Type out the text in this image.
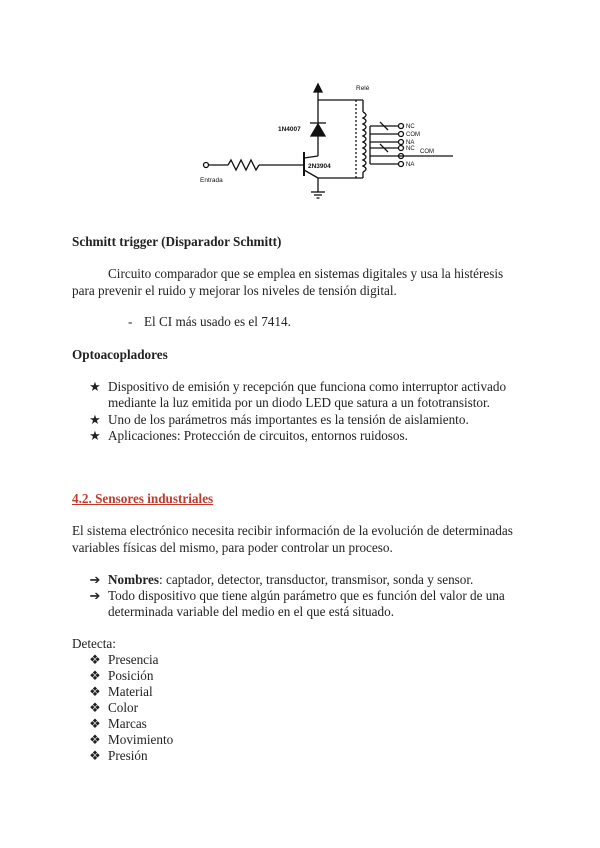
Relé
1N4007
2N3904
Entrada
NC
COM
NA
NC
NA
COM
Schmitt trigger (Disparador Schmitt)
Circuito comparador que se emplea en sistemas digitales y usa la histéresis
para prevenir el ruido y mejorar los niveles de tensión digital.
- El CI más usado es el 7414.
Optoacopladores
★ Dispositivo de emisión y recepción que funciona como interruptor activado
mediante la luz emitida por un diodo LED que satura a un fototransistor.
★ Uno de los parámetros más importantes es la tensión de aislamiento.
★ Aplicaciones: Protección de circuitos, entornos ruidosos.
4.2. Sensores industriales
El sistema electrónico necesita recibir información de la evolución de determinadas
variables físicas del mismo, para poder controlar un proceso.
➔ Nombres: captador, detector, transductor, transmisor, sonda y sensor.
➔ Todo dispositivo que tiene algún parámetro que es función del valor de una
determinada variable del medio en el que está situado.
Detecta:
❖ Presencia
❖ Posición
❖ Material
❖ Color
❖ Marcas
❖ Movimiento
❖ Presión
